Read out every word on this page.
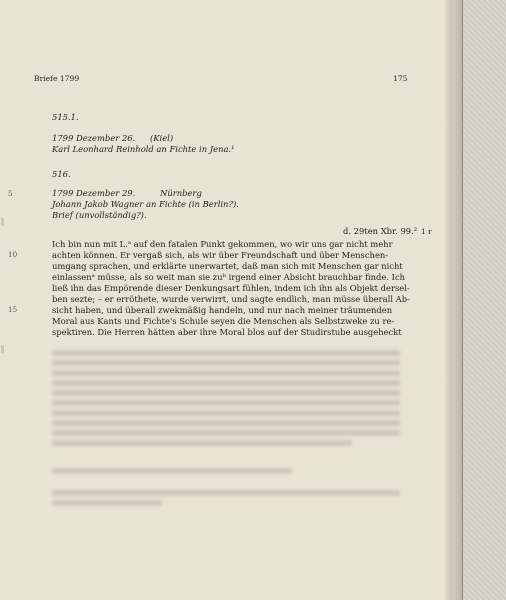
Briefe 1799	175
515.1.
1799 Dezember 26. (Kiel)
Karl Leonhard Reinhold an Fichte in Jena.¹
516.
5	1799 Dezember 29.	Nürnberg
Johann Jakob Wagner an Fichte (in Berlin?).
Brief (unvollständig?).
d. 29ten Xbr. 99.² 1 r
Ich bin nun mit L.ᵃ auf den fatalen Punkt gekommen, wo wir uns gar nicht mehr
10	achten können. Er vergaß sich, als wir über Freundschaft und über Menschen-
umgang sprachen, und erklärte unerwartet, daß man sich mit Menschen gar nicht
einlassenᵃ müsse, als so weit man sie zuᵇ irgend einer Absicht brauchbar finde. Ich
ließ ihn das Empörende dieser Denkungsart fühlen, indem ich ihn als Objekt dersel-
ben sezte; – er erröthete, wurde verwirrt, und sagte endlich, man müsse überall Ab-
15	sicht haben, und überall zwekmäßig handeln, und nur nach meiner träumenden
Moral aus Kants und Fichte's Schule seyen die Menschen als Selbstzweke zu re-
spektiren. Die Herren hätten aber ihre Moral blos auf der Studirstube ausgeheckt
